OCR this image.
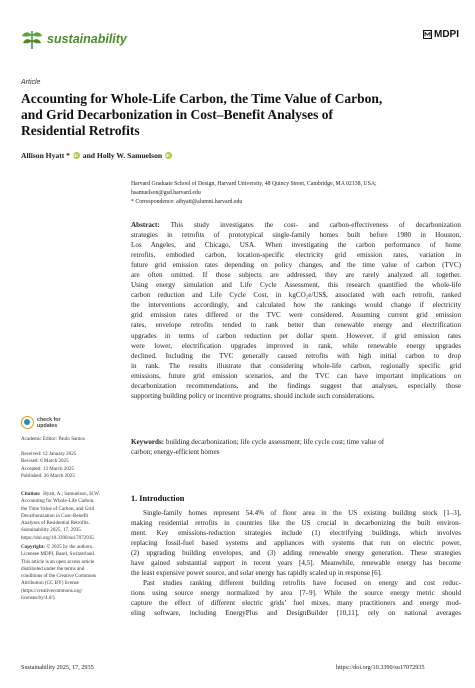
sustainability	MDPI
Article
Accounting for Whole-Life Carbon, the Time Value of Carbon,
and Grid Decarbonization in Cost–Benefit Analyses of
Residential Retrofits
Allison Hyatt * iD and Holly W. Samuelson iD
Harvard Graduate School of Design, Harvard University, 48 Quincy Street, Cambridge, MA 02138, USA;
hsamuelson@gsd.harvard.edu
* Correspondence: aihyatt@alumni.harvard.edu
Abstract: This study investigates the cost- and carbon-effectiveness of decarbonization
strategies in retrofits of prototypical single-family homes built before 1980 in Houston,
Los Angeles, and Chicago, USA. When investigating the carbon performance of home
retrofits, embodied carbon, location-specific electricity grid emission rates, variation in
future grid emission rates depending on policy changes, and the time value of carbon (TVC)
are often omitted. If those subjects are addressed, they are rarely analyzed all together.
Using energy simulation and Life Cycle Assessment, this research quantified the whole-life
carbon reduction and Life Cycle Cost, in kgCO₂e/US$, associated with each retrofit, ranked
the interventions accordingly, and calculated how the rankings would change if electricity
grid emission rates differed or the TVC were considered. Assuming current grid emission
rates, envelope retrofits tended to rank better than renewable energy and electrification
upgrades in terms of carbon reduction per dollar spent. However, if grid emission rates
were lower, electrification upgrades improved in rank, while renewable energy upgrades
declined. Including the TVC generally caused retrofits with high initial carbon to drop
in rank. The results illustrate that considering whole-life carbon, regionally specific grid
emissions, future grid emission scenarios, and the TVC can have important implications on
decarbonization recommendations, and the findings suggest that analyses, especially those
supporting building policy or incentive programs, should include such considerations.
Keywords: building decarbonization; life cycle assessment; life cycle cost; time value of
carbon; energy-efficient homes
check for
updates
Academic Editor: Paulo Santos
Received: 12 January 2025
Revised: 6 March 2025
Accepted: 13 March 2025
Published: 26 March 2025
Citation: Hyatt, A.; Samuelson, H.W.
Accounting for Whole-Life Carbon,
the Time Value of Carbon, and Grid
Decarbonization in Cost–Benefit
Analyses of Residential Retrofits.
Sustainability 2025, 17, 2935.
https://doi.org/10.3390/su17072935
Copyright: © 2025 by the authors.
Licensee MDPI, Basel, Switzerland.
This article is an open access article
distributed under the terms and
conditions of the Creative Commons
Attribution (CC BY) license
(https://creativecommons.org/
licenses/by/4.0/).
1. Introduction
Single-family homes represent 54.4% of floor area in the US existing building stock [1–3],
making residential retrofits in countries like the US crucial in decarbonizing the built environ-
ment. Key emissions-reduction strategies include (1) electrifying buildings, which involves
replacing fossil-fuel based systems and appliances with systems that run on electric power,
(2) upgrading building envelopes, and (3) adding renewable energy generation. These strategies
have gained substantial support in recent years [4,5]. Meanwhile, renewable energy has become
the least expensive power source, and solar energy has rapidly scaled up in response [6].
Past studies ranking different building retrofits have focused on energy and cost reduc-
tions using source energy normalized by area [7–9]. While the source energy metric should
capture the effect of different electric grids’ fuel mixes, many practitioners and energy mod-
eling software, including EnergyPlus and DesignBuilder [10,11], rely on national averages
Sustainability 2025, 17, 2935	https://doi.org/10.3390/su17072935
